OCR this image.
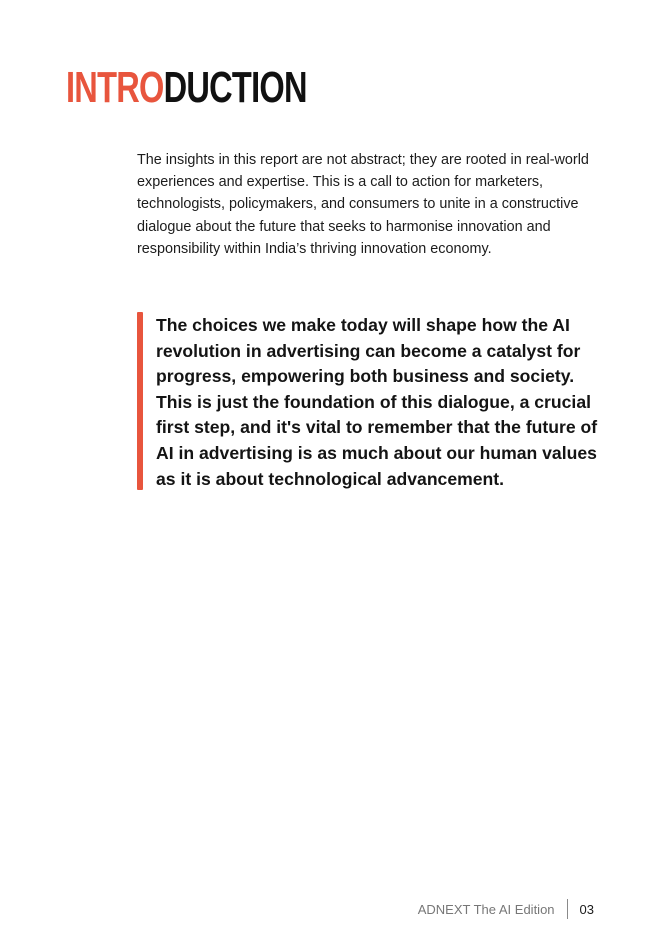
INTRODUCTION

The insights in this report are not abstract; they are rooted in real-world experiences and expertise. This is a call to action for marketers, technologists, policymakers, and consumers to unite in a constructive dialogue about the future that seeks to harmonise innovation and responsibility within India’s thriving innovation economy.

The choices we make today will shape how the AI revolution in advertising can become a catalyst for progress, empowering both business and society. This is just the foundation of this dialogue, a crucial first step, and it's vital to remember that the future of AI in advertising is as much about our human values as it is about technological advancement.

ADNEXT The AI Edition 03
